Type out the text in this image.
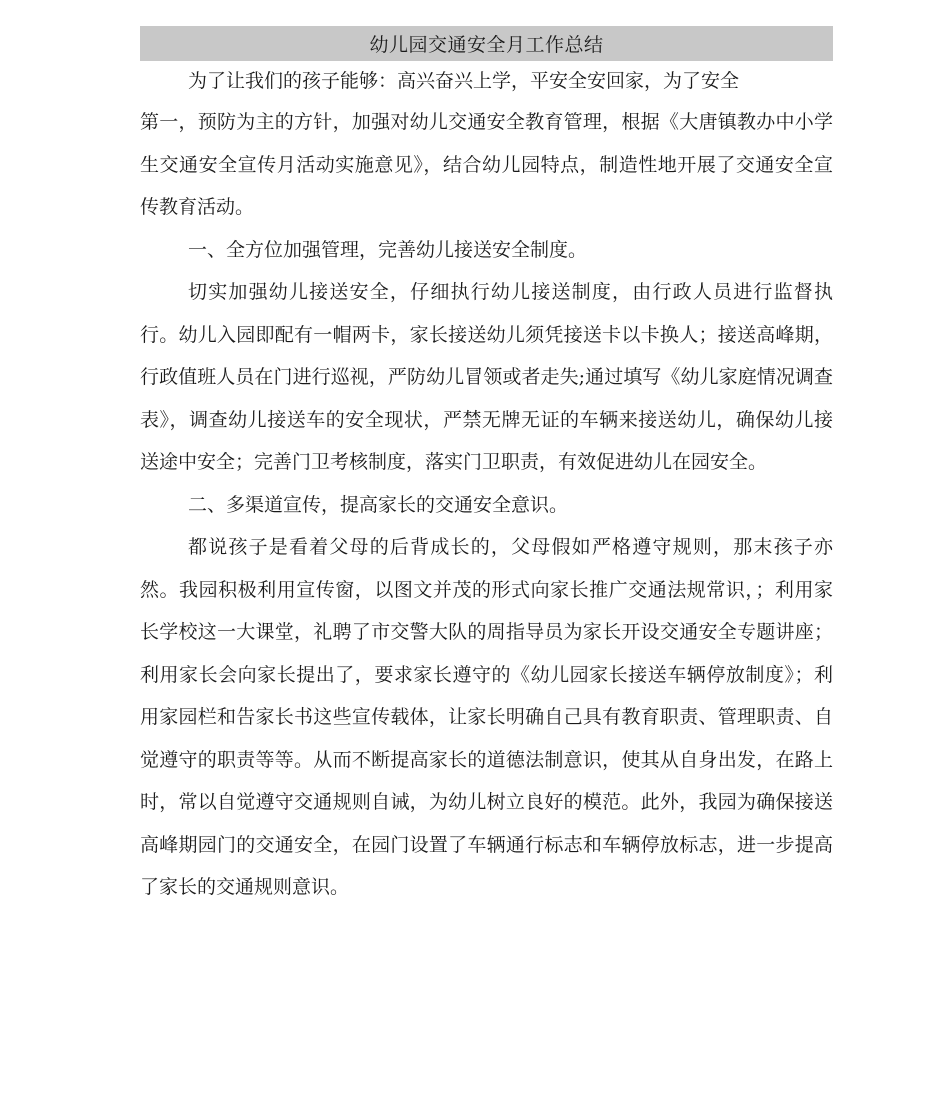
幼儿园交通安全月工作总结

为了让我们的孩子能够：高兴奋兴上学，平安全安回家，为了安全
第一，预防为主的方针，加强对幼儿交通安全教育管理，根据《大唐镇教办中小学生交通安全宣传月活动实施意见》，结合幼儿园特点，制造性地开展了交通安全宣传教育活动。

一、全方位加强管理，完善幼儿接送安全制度。

切实加强幼儿接送安全，仔细执行幼儿接送制度，由行政人员进行监督执行。幼儿入园即配有一帽两卡，家长接送幼儿须凭接送卡以卡换人；接送高峰期，行政值班人员在门进行巡视，严防幼儿冒领或者走失;通过填写《幼儿家庭情况调查表》，调查幼儿接送车的安全现状，严禁无牌无证的车辆来接送幼儿，确保幼儿接送途中安全；完善门卫考核制度，落实门卫职责，有效促进幼儿在园安全。

二、多渠道宣传，提高家长的交通安全意识。

都说孩子是看着父母的后背成长的，父母假如严格遵守规则，那末孩子亦然。我园积极利用宣传窗，以图文并茂的形式向家长推广交通法规常识，；利用家长学校这一大课堂，礼聘了市交警大队的周指导员为家长开设交通安全专题讲座；利用家长会向家长提出了，要求家长遵守的《幼儿园家长接送车辆停放制度》；利用家园栏和告家长书这些宣传载体，让家长明确自己具有教育职责、管理职责、自觉遵守的职责等等。从而不断提高家长的道德法制意识，使其从自身出发，在路上时，常以自觉遵守交通规则自诫，为幼儿树立良好的模范。此外，我园为确保接送高峰期园门的交通安全，在园门设置了车辆通行标志和车辆停放标志，进一步提高了家长的交通规则意识。
